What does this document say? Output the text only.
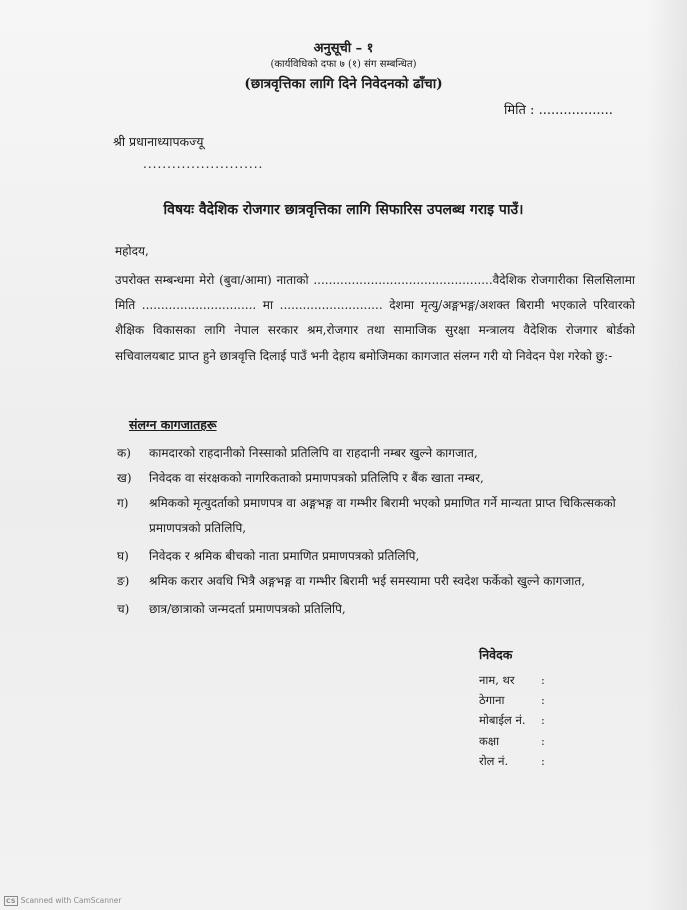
अनुसूची – १
(कार्यविधिको दफा ७ (१) संग सम्बन्धित)
(छात्रवृत्तिका लागि दिने निवेदनको ढाँचा)
मिति : ..................
श्री प्रधानाध्यापकज्यू
.........................
विषयः वैदेशिक रोजगार छात्रवृत्तिका लागि सिफारिस उपलब्ध गराइ पाउँ।
महोदय,
उपरोक्त सम्बन्धमा मेरो (बुवा/आमा) नाताको ...............................................वैदेशिक रोजगारीका सिलसिलामा मिति .............................. मा ........................... देशमा मृत्यु/अङ्गभङ्ग/अशक्त बिरामी भएकाले परिवारको शैक्षिक विकासका लागि नेपाल सरकार श्रम,रोजगार तथा सामाजिक सुरक्षा मन्त्रालय वैदेशिक रोजगार बोर्डको सचिवालयबाट प्राप्त हुने छात्रवृत्ति दिलाई पाउँ भनी देहाय बमोजिमका कागजात संलग्न गरी यो निवेदन पेश गरेको छु:-
संलग्न कागजातहरू
क)	कामदारको राहदानीको निस्साको प्रतिलिपि वा राहदानी नम्बर खुल्ने कागजात,
ख)	निवेदक वा संरक्षकको नागरिकताको प्रमाणपत्रको प्रतिलिपि र बैंक खाता नम्बर,
ग)	श्रमिकको मृत्युदर्ताको प्रमाणपत्र वा अङ्गभङ्ग वा गम्भीर बिरामी भएको प्रमाणित गर्ने मान्यता प्राप्त चिकित्सकको प्रमाणपत्रको प्रतिलिपि,
घ)	निवेदक र श्रमिक बीचको नाता प्रमाणित प्रमाणपत्रको प्रतिलिपि,
ङ)	श्रमिक करार अवधि भित्रै अङ्गभङ्ग वा गम्भीर बिरामी भई समस्यामा परी स्वदेश फर्केको खुल्ने कागजात,
च)	छात्र/छात्राको जन्मदर्ता प्रमाणपत्रको प्रतिलिपि,
निवेदक
नाम, थर :
ठेगाना	:
मोबाईल नं. :
कक्षा	:
रोल नं.	:
CS Scanned with CamScanner
